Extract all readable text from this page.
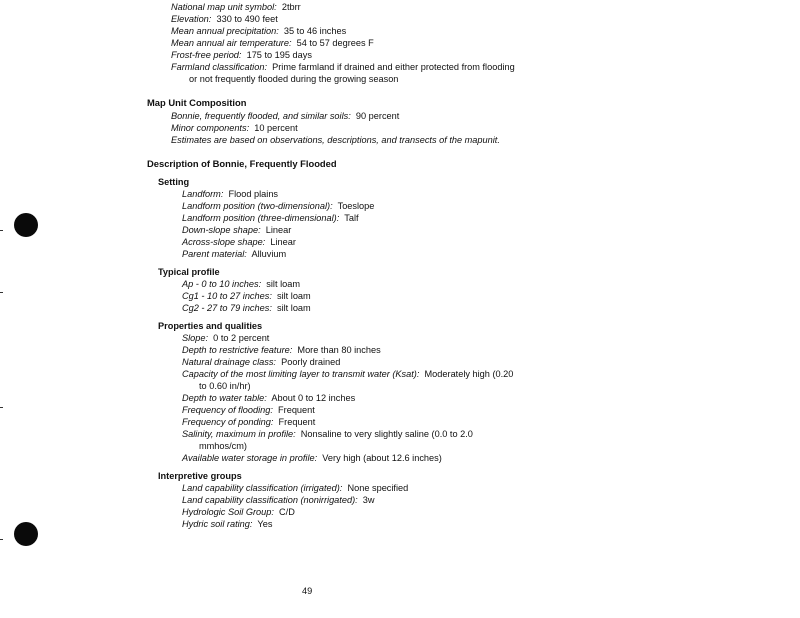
National map unit symbol: 2tbrr
Elevation: 330 to 490 feet
Mean annual precipitation: 35 to 46 inches
Mean annual air temperature: 54 to 57 degrees F
Frost-free period: 175 to 195 days
Farmland classification: Prime farmland if drained and either protected from flooding
or not frequently flooded during the growing season
Map Unit Composition
Bonnie, frequently flooded, and similar soils: 90 percent
Minor components: 10 percent
Estimates are based on observations, descriptions, and transects of the mapunit.
Description of Bonnie, Frequently Flooded
Setting
Landform: Flood plains
Landform position (two-dimensional): Toeslope
Landform position (three-dimensional): Talf
Down-slope shape: Linear
Across-slope shape: Linear
Parent material: Alluvium
Typical profile
Ap - 0 to 10 inches: silt loam
Cg1 - 10 to 27 inches: silt loam
Cg2 - 27 to 79 inches: silt loam
Properties and qualities
Slope: 0 to 2 percent
Depth to restrictive feature: More than 80 inches
Natural drainage class: Poorly drained
Capacity of the most limiting layer to transmit water (Ksat): Moderately high (0.20
to 0.60 in/hr)
Depth to water table: About 0 to 12 inches
Frequency of flooding: Frequent
Frequency of ponding: Frequent
Salinity, maximum in profile: Nonsaline to very slightly saline (0.0 to 2.0
mmhos/cm)
Available water storage in profile: Very high (about 12.6 inches)
Interpretive groups
Land capability classification (irrigated): None specified
Land capability classification (nonirrigated): 3w
Hydrologic Soil Group: C/D
Hydric soil rating: Yes
49
